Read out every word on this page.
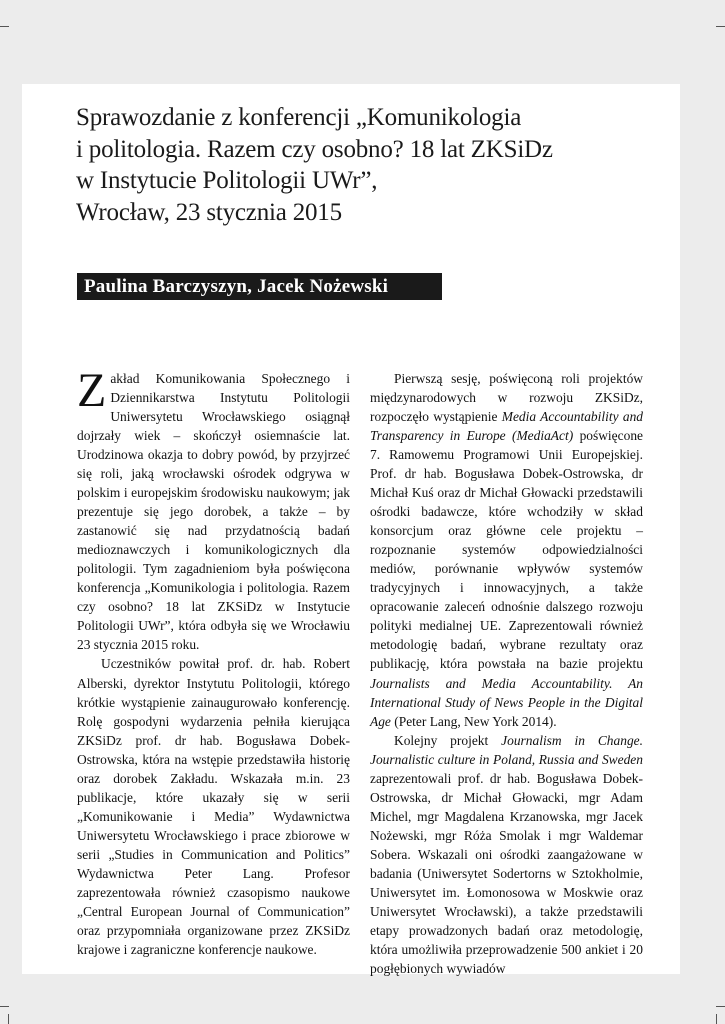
Sprawozdanie z konferencji „Komunikologia
i politologia. Razem czy osobno? 18 lat ZKSiDz
w Instytucie Politologii UWr”,
Wrocław, 23 stycznia 2015
Paulina Barczyszyn, Jacek Nożewski

Zakład Komunikowania Społecznego i Dziennikarstwa Instytutu Politologii Uniwersytetu Wrocławskiego osiągnął dojrzały wiek – skończył osiemnaście lat. Urodzinowa okazja to dobry powód, by przyjrzeć się roli, jaką wrocławski ośrodek odgrywa w polskim i europejskim środowisku naukowym; jak prezentuje się jego dorobek, a także – by zastanowić się nad przydatnością badań medioznawczych i komunikologicznych dla politologii. Tym zagadnieniom była poświęcona konferencja „Komunikologia i politologia. Razem czy osobno? 18 lat ZKSiDz w Instytucie Politologii UWr”, która odbyła się we Wrocławiu 23 stycznia 2015 roku.

Uczestników powitał prof. dr. hab. Robert Alberski, dyrektor Instytutu Politologii, którego krótkie wystąpienie zainaugurowało konferencję. Rolę gospodyni wydarzenia pełniła kierująca ZKSiDz prof. dr hab. Bogusława Dobek-Ostrowska, która na wstępie przedstawiła historię oraz dorobek Zakładu. Wskazała m.in. 23 publikacje, które ukazały się w serii „Komunikowanie i Media” Wydawnictwa Uniwersytetu Wrocławskiego i prace zbiorowe w serii „Studies in Communication and Politics” Wydawnictwa Peter Lang. Profesor zaprezentowała również czasopismo naukowe „Central European Journal of Communication” oraz przypomniała organizowane przez ZKSiDz krajowe i zagraniczne konferencje naukowe.

Pierwszą sesję, poświęconą roli projektów międzynarodowych w rozwoju ZKSiDz, rozpoczęło wystąpienie Media Accountability and Transparency in Europe (MediaAct) poświęcone 7. Ramowemu Programowi Unii Europejskiej. Prof. dr hab. Bogusława Dobek-Ostrowska, dr Michał Kuś oraz dr Michał Głowacki przedstawili ośrodki badawcze, które wchodziły w skład konsorcjum oraz główne cele projektu – rozpoznanie systemów odpowiedzialności mediów, porównanie wpływów systemów tradycyjnych i innowacyjnych, a także opracowanie zaleceń odnośnie dalszego rozwoju polityki medialnej UE. Zaprezentowali również metodologię badań, wybrane rezultaty oraz publikację, która powstała na bazie projektu Journalists and Media Accountability. An International Study of News People in the Digital Age (Peter Lang, New York 2014).

Kolejny projekt Journalism in Change. Journalistic culture in Poland, Russia and Sweden zaprezentowali prof. dr hab. Bogusława Dobek-Ostrowska, dr Michał Głowacki, mgr Adam Michel, mgr Magdalena Krzanowska, mgr Jacek Nożewski, mgr Róża Smolak i mgr Waldemar Sobera. Wskazali oni ośrodki zaangażowane w badania (Uniwersytet Sodertorns w Sztokholmie, Uniwersytet im. Łomonosowa w Moskwie oraz Uniwersytet Wrocławski), a także przedstawili etapy prowadzonych badań oraz metodologię, która umożliwiła przeprowadzenie 500 ankiet i 20 pogłębionych wywiadów
